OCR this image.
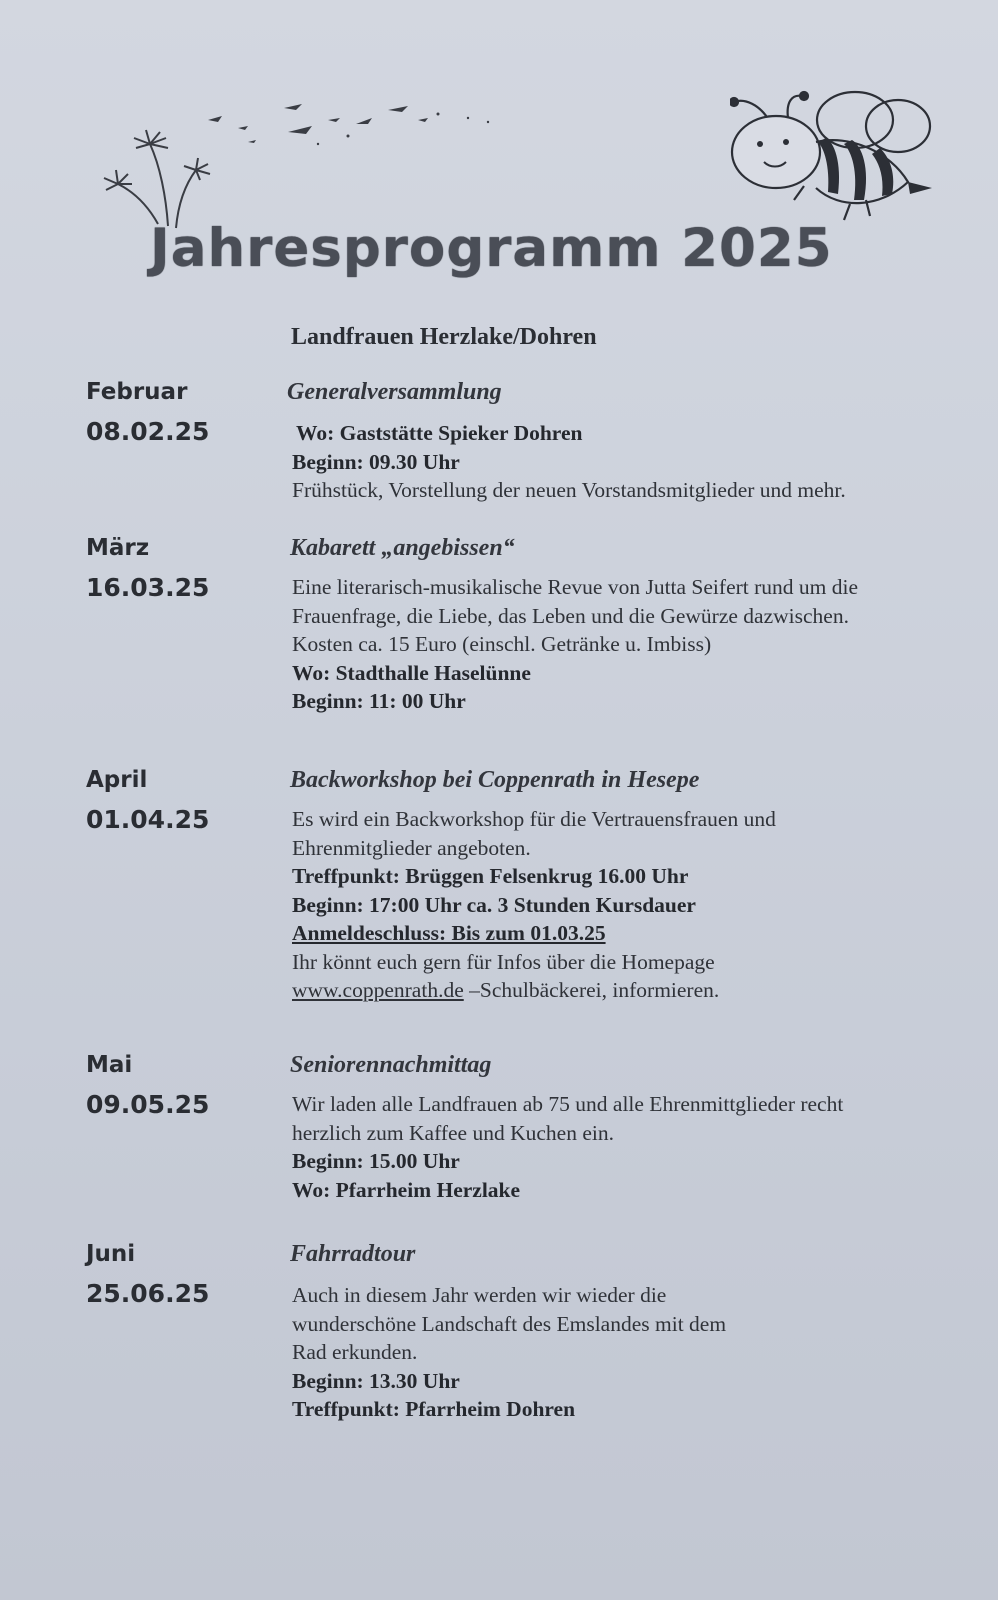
Jahresprogramm 2025
Landfrauen Herzlake/Dohren
Februar
08.02.25
Generalversammlung
Wo: Gaststätte Spieker Dohren
Beginn: 09.30 Uhr
Frühstück, Vorstellung der neuen Vorstandsmitglieder und mehr.
März
16.03.25
Kabarett „angebissen“
Eine literarisch-musikalische Revue von Jutta Seifert rund um die
Frauenfrage, die Liebe, das Leben und die Gewürze dazwischen.
Kosten ca. 15 Euro (einschl. Getränke u. Imbiss)
Wo: Stadthalle Haselünne
Beginn: 11: 00 Uhr
April
01.04.25
Backworkshop bei Coppenrath in Hesepe
Es wird ein Backworkshop für die Vertrauensfrauen und
Ehrenmitglieder angeboten.
Treffpunkt: Brüggen Felsenkrug 16.00 Uhr
Beginn: 17:00 Uhr ca. 3 Stunden Kursdauer
Anmeldeschluss: Bis zum 01.03.25
Ihr könnt euch gern für Infos über die Homepage
www.coppenrath.de –Schulbäckerei, informieren.
Mai
09.05.25
Seniorennachmittag
Wir laden alle Landfrauen ab 75 und alle Ehrenmittglieder recht
herzlich zum Kaffee und Kuchen ein.
Beginn: 15.00 Uhr
Wo: Pfarrheim Herzlake
Juni
25.06.25
Fahrradtour
Auch in diesem Jahr werden wir wieder die
wunderschöne Landschaft des Emslandes mit dem
Rad erkunden.
Beginn: 13.30 Uhr
Treffpunkt: Pfarrheim Dohren
